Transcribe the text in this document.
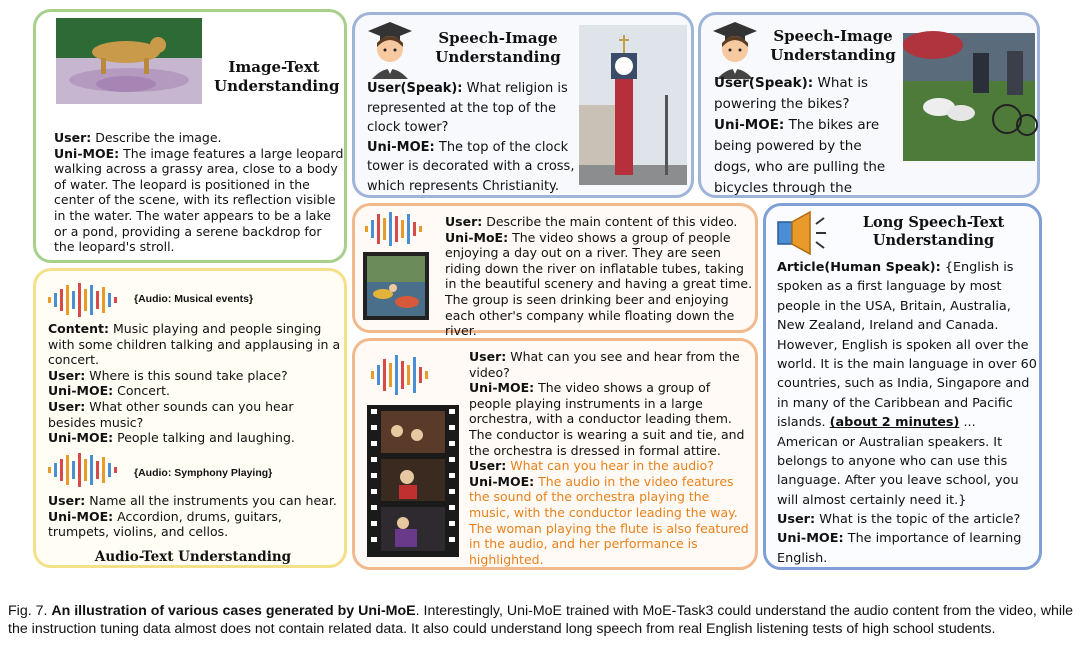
Image-Text Understanding
User: Describe the image.
Uni-MOE: The image features a large leopard walking across a grassy area, close to a body of water. The leopard is positioned in the center of the scene, with its reflection visible in the water. The water appears to be a lake or a pond, providing a serene backdrop for the leopard's stroll.
Speech-Image Understanding
User(Speak): What religion is represented at the top of the clock tower?
Uni-MOE: The top of the clock tower is decorated with a cross, which represents Christianity.
Speech-Image Understanding
User(Speak): What is powering the bikes?
Uni-MOE: The bikes are being powered by the dogs, who are pulling the bicycles through the
{Audio: Musical events}
Content: Music playing and people singing with some children talking and applausing in a concert.
User: Where is this sound take place?
Uni-MOE: Concert.
User: What other sounds can you hear besides music?
Uni-MOE: People talking and laughing.
{Audio: Symphony Playing}
User: Name all the instruments you can hear.
Uni-MOE: Accordion, drums, guitars, trumpets, violins, and cellos.
Audio-Text Understanding
User: Describe the main content of this video.
Uni-MoE: The video shows a group of people enjoying a day out on a river. They are seen riding down the river on inflatable tubes, taking in the beautiful scenery and having a great time. The group is seen drinking beer and enjoying each other's company while floating down the river.
User: What can you see and hear from the video?
Uni-MOE: The video shows a group of people playing instruments in a large orchestra, with a conductor leading them. The conductor is wearing a suit and tie, and the orchestra is dressed in formal attire.
User: What can you hear in the audio?
Uni-MOE: The audio in the video features the sound of the orchestra playing the music, with the conductor leading the way. The woman playing the flute is also featured in the audio, and her performance is highlighted.
Long Speech-Text Understanding
Article(Human Speak): {English is spoken as a first language by most people in the USA, Britain, Australia, New Zealand, Ireland and Canada. However, English is spoken all over the world. It is the main language in over 60 countries, such as India, Singapore and in many of the Caribbean and Pacific islands. (about 2 minutes) ... American or Australian speakers. It belongs to anyone who can use this language. After you leave school, you will almost certainly need it.}
User: What is the topic of the article?
Uni-MOE: The importance of learning English.
Fig. 7. An illustration of various cases generated by Uni-MoE. Interestingly, Uni-MoE trained with MoE-Task3 could understand the audio content from the video, while the instruction tuning data almost does not contain related data. It also could understand long speech from real English listening tests of high school students.
